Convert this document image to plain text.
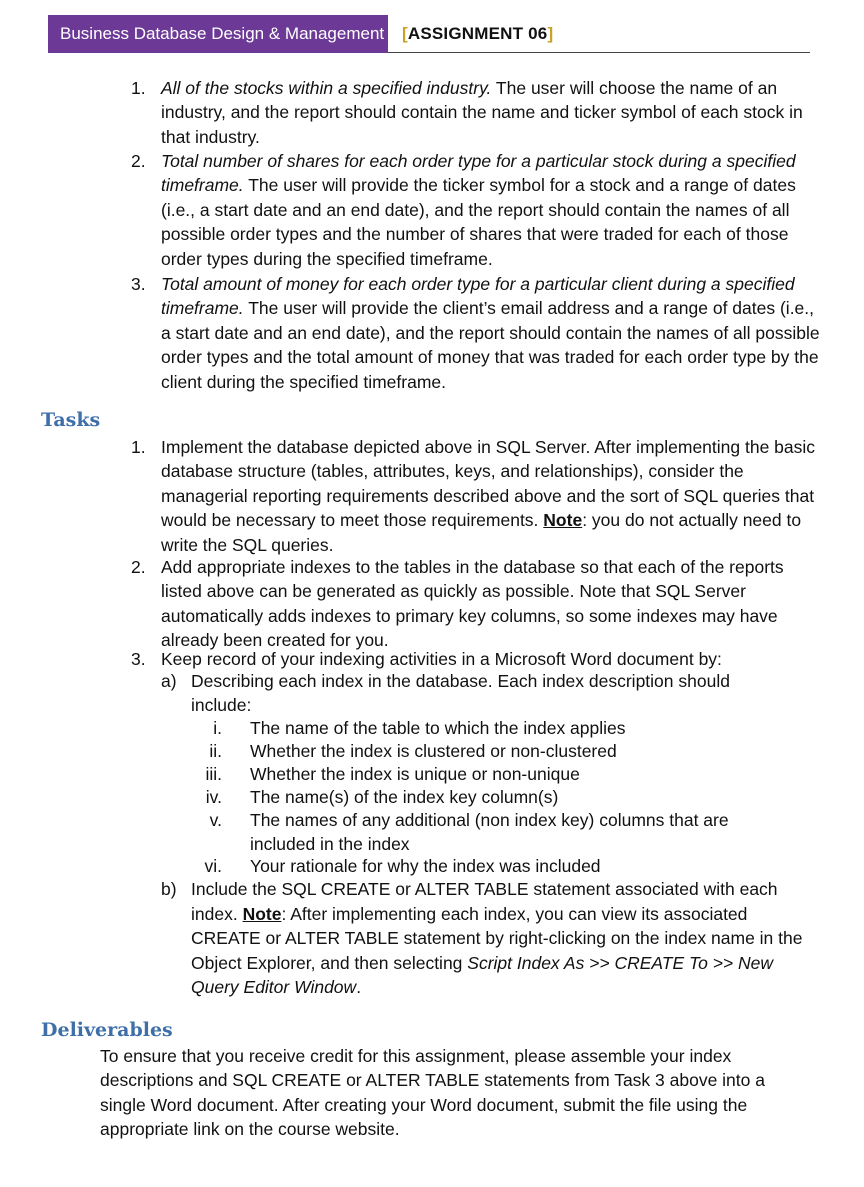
Business Database Design & Management [ASSIGNMENT 06]
1. All of the stocks within a specified industry. The user will choose the name of an industry, and the report should contain the name and ticker symbol of each stock in that industry.
2. Total number of shares for each order type for a particular stock during a specified timeframe. The user will provide the ticker symbol for a stock and a range of dates (i.e., a start date and an end date), and the report should contain the names of all possible order types and the number of shares that were traded for each of those order types during the specified timeframe.
3. Total amount of money for each order type for a particular client during a specified timeframe. The user will provide the client’s email address and a range of dates (i.e., a start date and an end date), and the report should contain the names of all possible order types and the total amount of money that was traded for each order type by the client during the specified timeframe.
Tasks
1. Implement the database depicted above in SQL Server. After implementing the basic database structure (tables, attributes, keys, and relationships), consider the managerial reporting requirements described above and the sort of SQL queries that would be necessary to meet those requirements. Note: you do not actually need to write the SQL queries.
2. Add appropriate indexes to the tables in the database so that each of the reports listed above can be generated as quickly as possible. Note that SQL Server automatically adds indexes to primary key columns, so some indexes may have already been created for you.
3. Keep record of your indexing activities in a Microsoft Word document by:
a) Describing each index in the database. Each index description should include:
i. The name of the table to which the index applies
ii. Whether the index is clustered or non-clustered
iii. Whether the index is unique or non-unique
iv. The name(s) of the index key column(s)
v. The names of any additional (non index key) columns that are included in the index
vi. Your rationale for why the index was included
b) Include the SQL CREATE or ALTER TABLE statement associated with each index. Note: After implementing each index, you can view its associated CREATE or ALTER TABLE statement by right-clicking on the index name in the Object Explorer, and then selecting Script Index As >> CREATE To >> New Query Editor Window.
Deliverables
To ensure that you receive credit for this assignment, please assemble your index descriptions and SQL CREATE or ALTER TABLE statements from Task 3 above into a single Word document. After creating your Word document, submit the file using the appropriate link on the course website.
